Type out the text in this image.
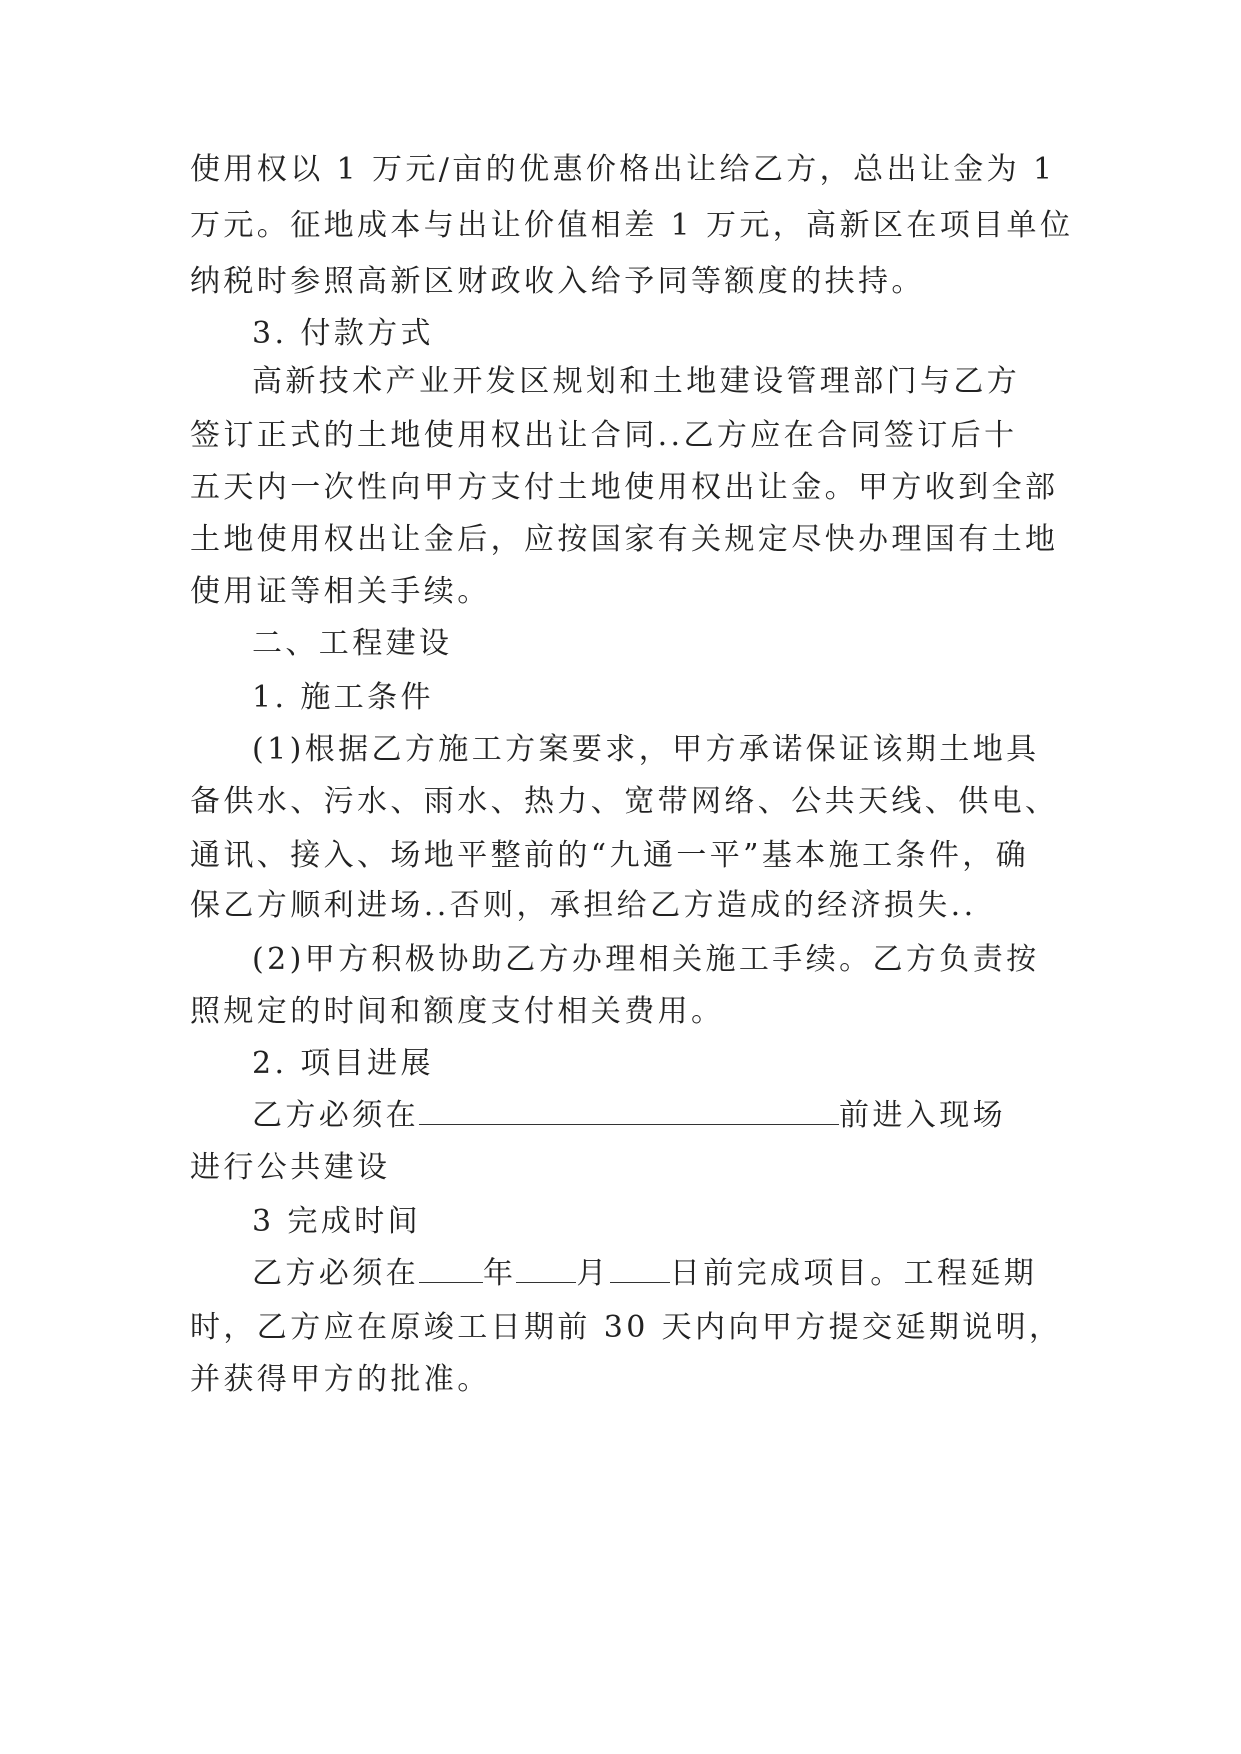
使用权以 1 万元/亩的优惠价格出让给乙方，总出让金为 1
万元。征地成本与出让价值相差 1 万元，高新区在项目单位
纳税时参照高新区财政收入给予同等额度的扶持。
3. 付款方式
高新技术产业开发区规划和土地建设管理部门与乙方
签订正式的土地使用权出让合同..乙方应在合同签订后十
五天内一次性向甲方支付土地使用权出让金。甲方收到全部
土地使用权出让金后，应按国家有关规定尽快办理国有土地
使用证等相关手续。
二、工程建设
1. 施工条件
(1)根据乙方施工方案要求，甲方承诺保证该期土地具
备供水、污水、雨水、热力、宽带网络、公共天线、供电、
通讯、接入、场地平整前的“九通一平”基本施工条件，确
保乙方顺利进场..否则，承担给乙方造成的经济损失..
(2)甲方积极协助乙方办理相关施工手续。乙方负责按
照规定的时间和额度支付相关费用。
2. 项目进展
乙方必须在	前进入现场
进行公共建设
3 完成时间
乙方必须在 年 月 日前完成项目。工程延期
时，乙方应在原竣工日期前 30 天内向甲方提交延期说明，
并获得甲方的批准。
